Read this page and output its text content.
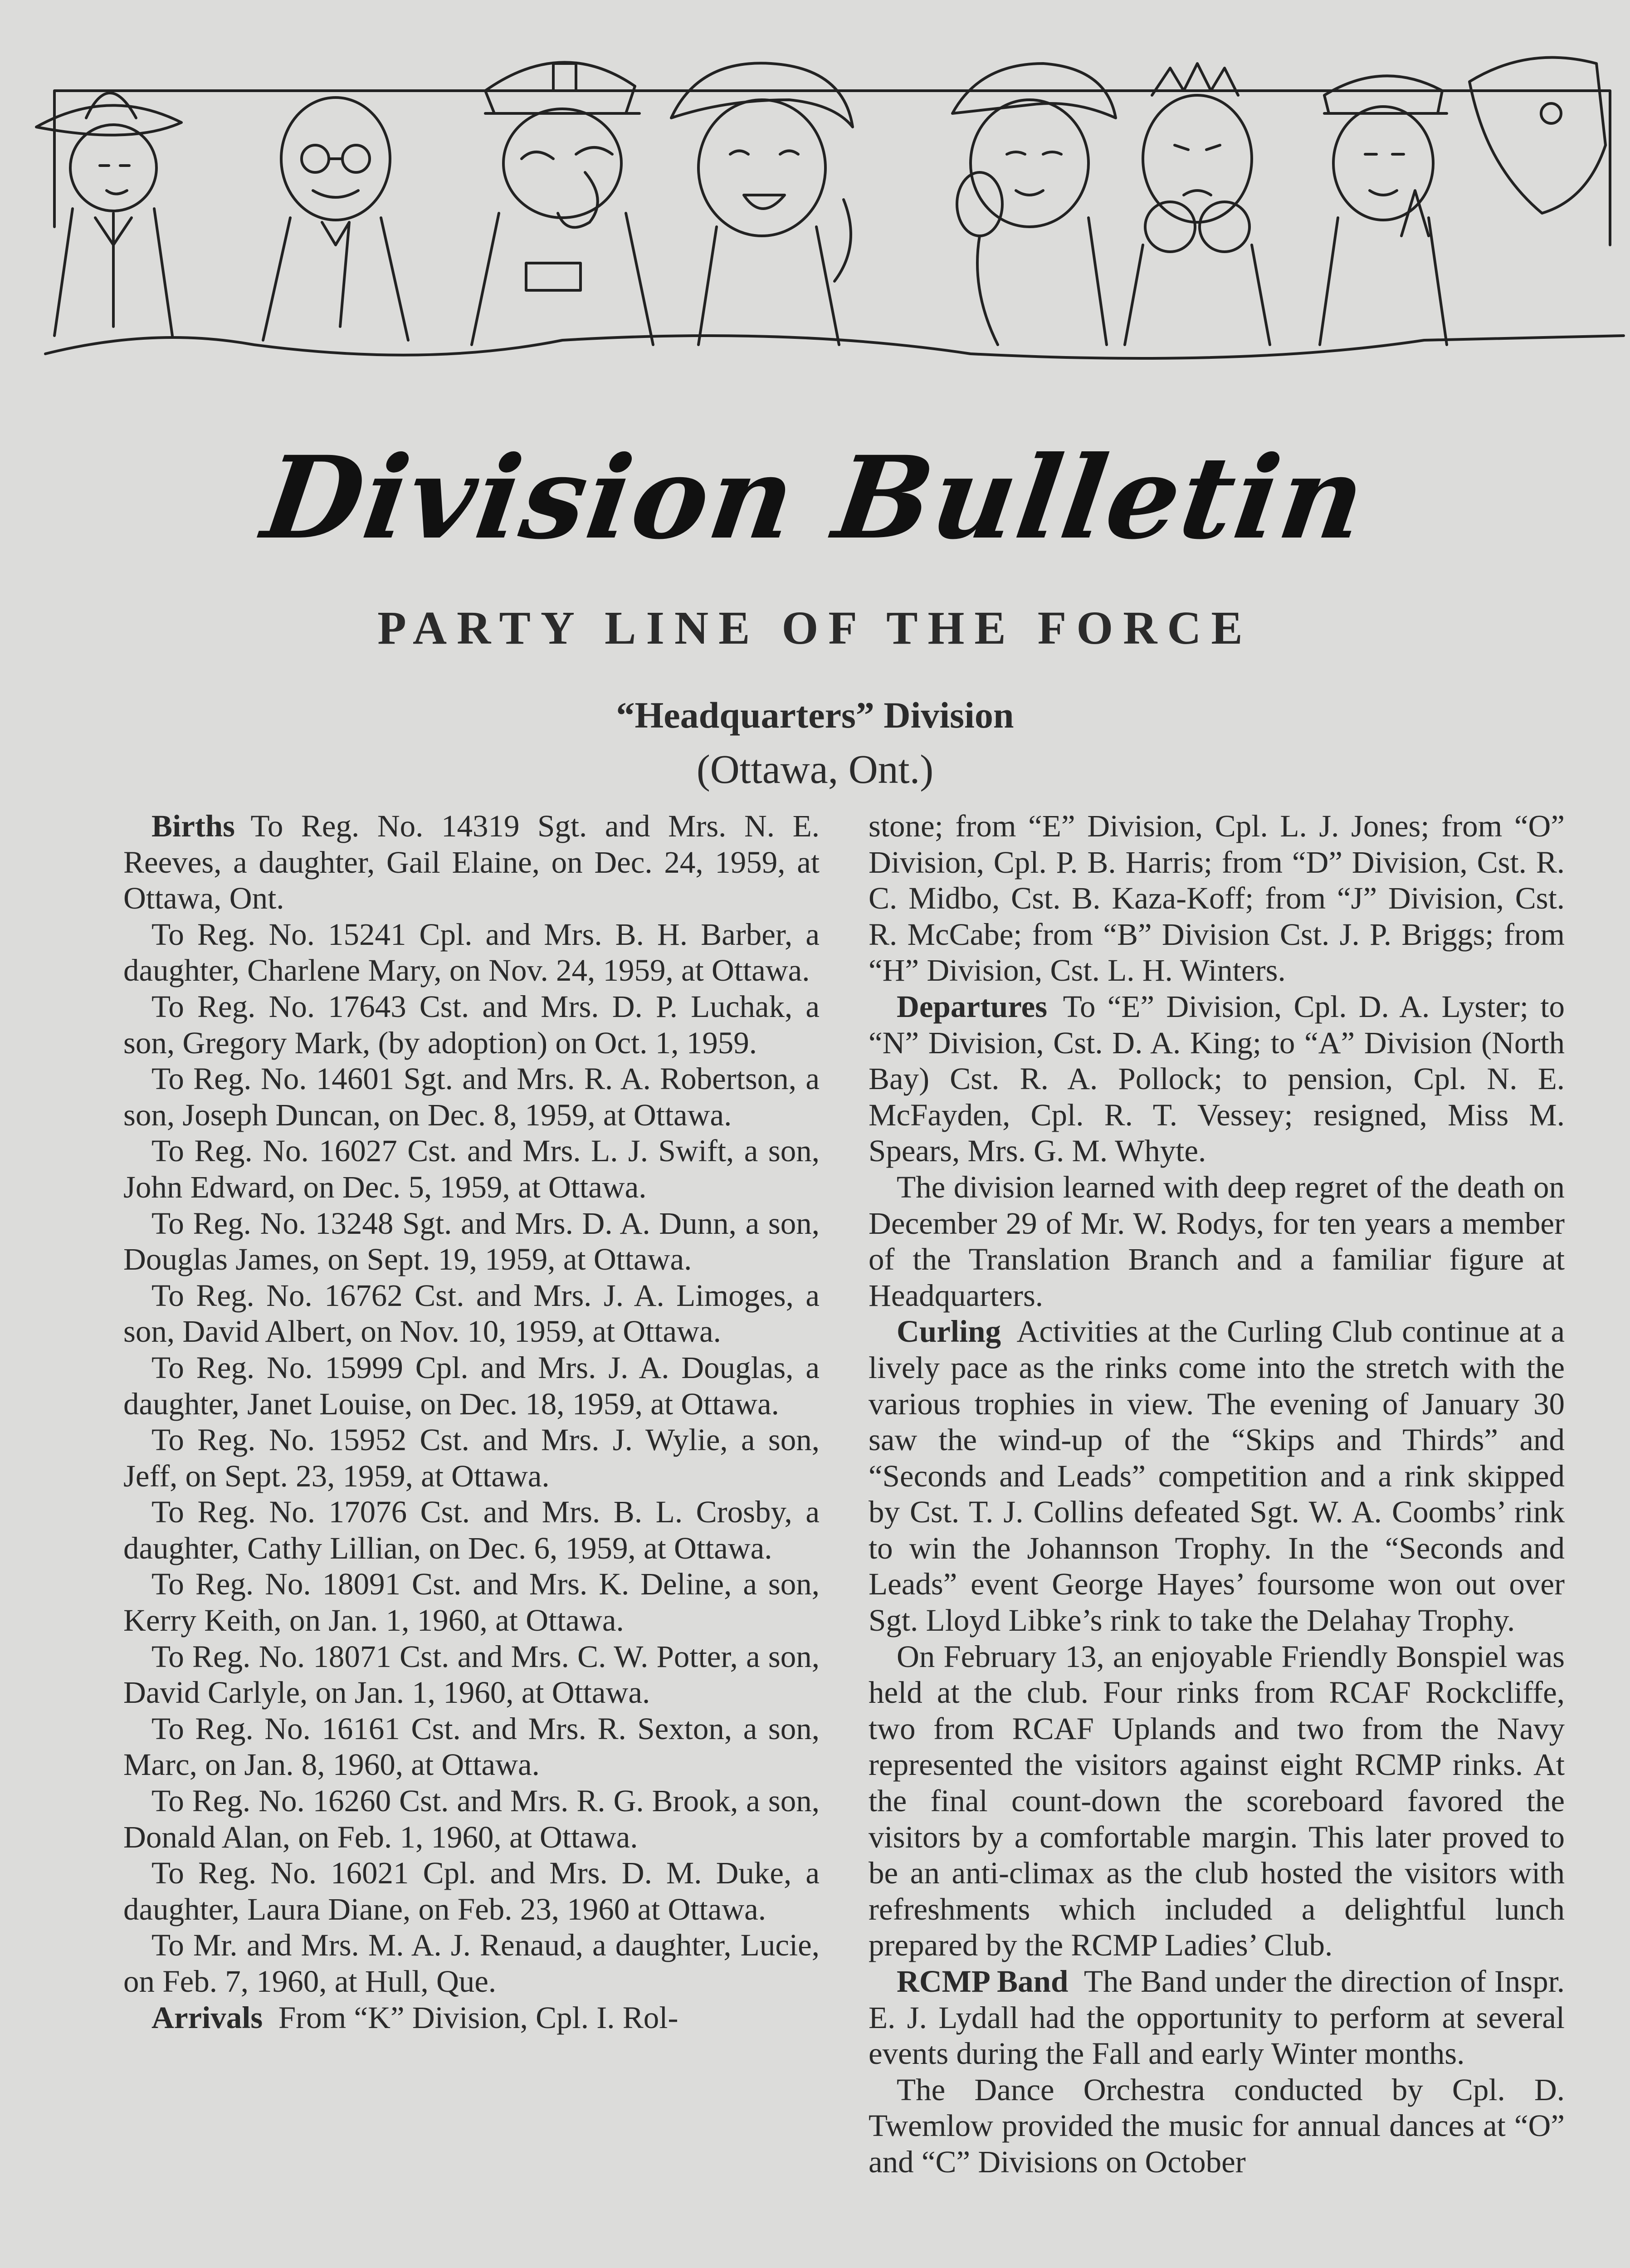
Division Bulletin
PARTY LINE OF THE FORCE
“Headquarters” Division
(Ottawa, Ont.)

Births  To Reg. No. 14319 Sgt. and Mrs. N. E. Reeves, a daughter, Gail Elaine, on Dec. 24, 1959, at Ottawa, Ont.

To Reg. No. 15241 Cpl. and Mrs. B. H. Barber, a daughter, Charlene Mary, on Nov. 24, 1959, at Ottawa.

To Reg. No. 17643 Cst. and Mrs. D. P. Luchak, a son, Gregory Mark, (by adoption) on Oct. 1, 1959.

To Reg. No. 14601 Sgt. and Mrs. R. A. Robertson, a son, Joseph Duncan, on Dec. 8, 1959, at Ottawa.

To Reg. No. 16027 Cst. and Mrs. L. J. Swift, a son, John Edward, on Dec. 5, 1959, at Ottawa.

To Reg. No. 13248 Sgt. and Mrs. D. A. Dunn, a son, Douglas James, on Sept. 19, 1959, at Ottawa.

To Reg. No. 16762 Cst. and Mrs. J. A. Limoges, a son, David Albert, on Nov. 10, 1959, at Ottawa.

To Reg. No. 15999 Cpl. and Mrs. J. A. Douglas, a daughter, Janet Louise, on Dec. 18, 1959, at Ottawa.

To Reg. No. 15952 Cst. and Mrs. J. Wylie, a son, Jeff, on Sept. 23, 1959, at Ottawa.

To Reg. No. 17076 Cst. and Mrs. B. L. Crosby, a daughter, Cathy Lillian, on Dec. 6, 1959, at Ottawa.

To Reg. No. 18091 Cst. and Mrs. K. Deline, a son, Kerry Keith, on Jan. 1, 1960, at Ottawa.

To Reg. No. 18071 Cst. and Mrs. C. W. Potter, a son, David Carlyle, on Jan. 1, 1960, at Ottawa.

To Reg. No. 16161 Cst. and Mrs. R. Sexton, a son, Marc, on Jan. 8, 1960, at Ottawa.

To Reg. No. 16260 Cst. and Mrs. R. G. Brook, a son, Donald Alan, on Feb. 1, 1960, at Ottawa.

To Reg. No. 16021 Cpl. and Mrs. D. M. Duke, a daughter, Laura Diane, on Feb. 23, 1960 at Ottawa.

To Mr. and Mrs. M. A. J. Renaud, a daughter, Lucie, on Feb. 7, 1960, at Hull, Que.

Arrivals  From “K” Division, Cpl. I. Rol-

stone; from “E” Division, Cpl. L. J. Jones; from “O” Division, Cpl. P. B. Harris; from “D” Division, Cst. R. C. Midbo, Cst. B. Kaza-Koff; from “J” Division, Cst. R. McCabe; from “B” Division Cst. J. P. Briggs; from “H” Division, Cst. L. H. Winters.

Departures  To “E” Division, Cpl. D. A. Lyster; to “N” Division, Cst. D. A. King; to “A” Division (North Bay) Cst. R. A. Pollock; to pension, Cpl. N. E. McFayden, Cpl. R. T. Vessey; resigned, Miss M. Spears, Mrs. G. M. Whyte.

The division learned with deep regret of the death on December 29 of Mr. W. Rodys, for ten years a member of the Translation Branch and a familiar figure at Headquarters.

Curling  Activities at the Curling Club continue at a lively pace as the rinks come into the stretch with the various trophies in view. The evening of January 30 saw the wind-up of the “Skips and Thirds” and “Seconds and Leads” competition and a rink skipped by Cst. T. J. Collins defeated Sgt. W. A. Coombs’ rink to win the Johannson Trophy. In the “Seconds and Leads” event George Hayes’ foursome won out over Sgt. Lloyd Libke’s rink to take the Delahay Trophy.

On February 13, an enjoyable Friendly Bonspiel was held at the club. Four rinks from RCAF Rockcliffe, two from RCAF Uplands and two from the Navy represented the visitors against eight RCMP rinks. At the final count-down the scoreboard favored the visitors by a comfortable margin. This later proved to be an anti-climax as the club hosted the visitors with refreshments which included a delightful lunch prepared by the RCMP Ladies’ Club.

RCMP Band  The Band under the direction of Inspr. E. J. Lydall had the opportunity to perform at several events during the Fall and early Winter months.

The Dance Orchestra conducted by Cpl. D. Twemlow provided the music for annual dances at “O” and “C” Divisions on October
